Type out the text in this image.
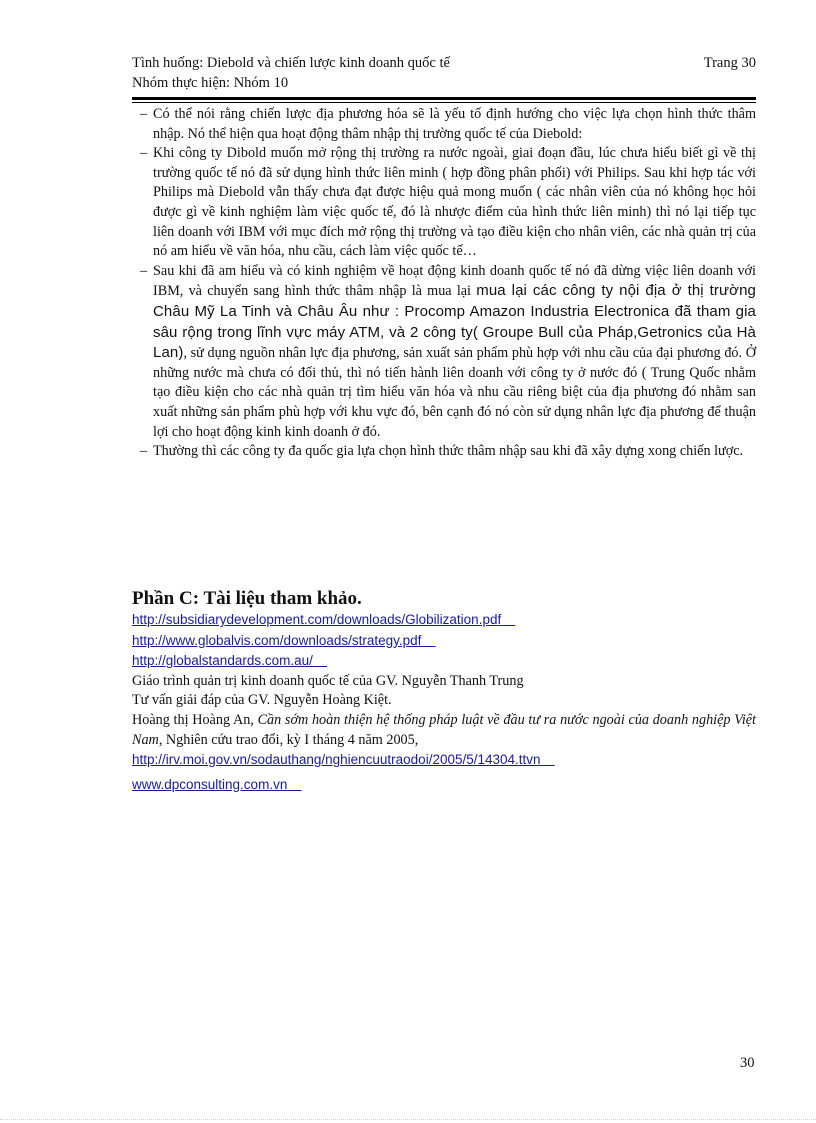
Tình huống: Diebold và chiến lược kinh doanh quốc tế	Trang 30
Nhóm thực hiện: Nhóm 10

– Có thể nói rằng chiến lược địa phương hóa sẽ là yếu tố định hướng cho việc lựa chọn hình thức thâm nhập. Nó thể hiện qua hoạt động thâm nhập thị trường quốc tế của Diebold:

– Khi công ty Dibold muốn mở rộng thị trường ra nước ngoài, giai đoạn đầu, lúc chưa hiểu biết gì về thị trường quốc tế nó đã sử dụng hình thức liên minh ( hợp đồng phân phối) với Philips. Sau khi hợp tác với Philips mà Diebold vẫn thấy chưa đạt được hiệu quả mong muốn ( các nhân viên của nó không học hỏi được gì về kinh nghiệm làm việc quốc tế, đó là nhược điểm của hình thức liên minh) thì nó lại tiếp tục liên doanh với IBM với mục đích mở rộng thị trường và tạo điều kiện cho nhân viên, các nhà quản trị của nó am hiểu về văn hóa, nhu cầu, cách làm việc quốc tế…

– Sau khi đã am hiểu và có kinh nghiệm về hoạt động kinh doanh quốc tế nó đã dừng việc liên doanh với IBM, và chuyển sang hình thức thâm nhập là mua lại mua lại các công ty nội địa ở thị trường Châu Mỹ La Tinh và Châu Âu như : Procomp Amazon Industria Electronica đã tham gia sâu rộng trong lĩnh vực máy ATM, và 2 công ty( Groupe Bull của Pháp,Getronics của Hà Lan), sử dụng nguồn nhân lực địa phương, sản xuất sản phẩm phù hợp với nhu cầu của đại phương đó. Ở những nước mà chưa có đối thủ, thì nó tiến hành liên doanh với công ty ở nước đó ( Trung Quốc nhằm tạo điều kiện cho các nhà quản trị tìm hiểu văn hóa và nhu cầu riêng biệt của địa phương đó nhằm san xuất những sản phẩm phù hợp với khu vực đó, bên cạnh đó nó còn sử dụng nhân lực địa phương để thuận lợi cho hoạt động kinh kinh doanh ở đó.

– Thường thì các công ty đa quốc gia lựa chọn hình thức thâm nhập sau khi đã xây dựng xong chiến lược.

Phần C: Tài liệu tham khảo.

http://subsidiarydevelopment.com/downloads/Globilization.pdf

http://www.globalvis.com/downloads/strategy.pdf

http://globalstandards.com.au/

Giáo trình quản trị kinh doanh quốc tế của GV. Nguyễn Thanh Trung

Tư vấn giải đáp của GV. Nguyễn Hoàng Kiệt.

Hoàng thị Hoàng An, Cần sớm hoàn thiện hệ thống pháp luật về đầu tư ra nước ngoài của doanh nghiệp Việt Nam, Nghiên cứu trao đổi, kỳ I tháng 4 năm 2005,

http://irv.moi.gov.vn/sodauthang/nghiencuutraodoi/2005/5/14304.ttvn

www.dpconsulting.com.vn

30
